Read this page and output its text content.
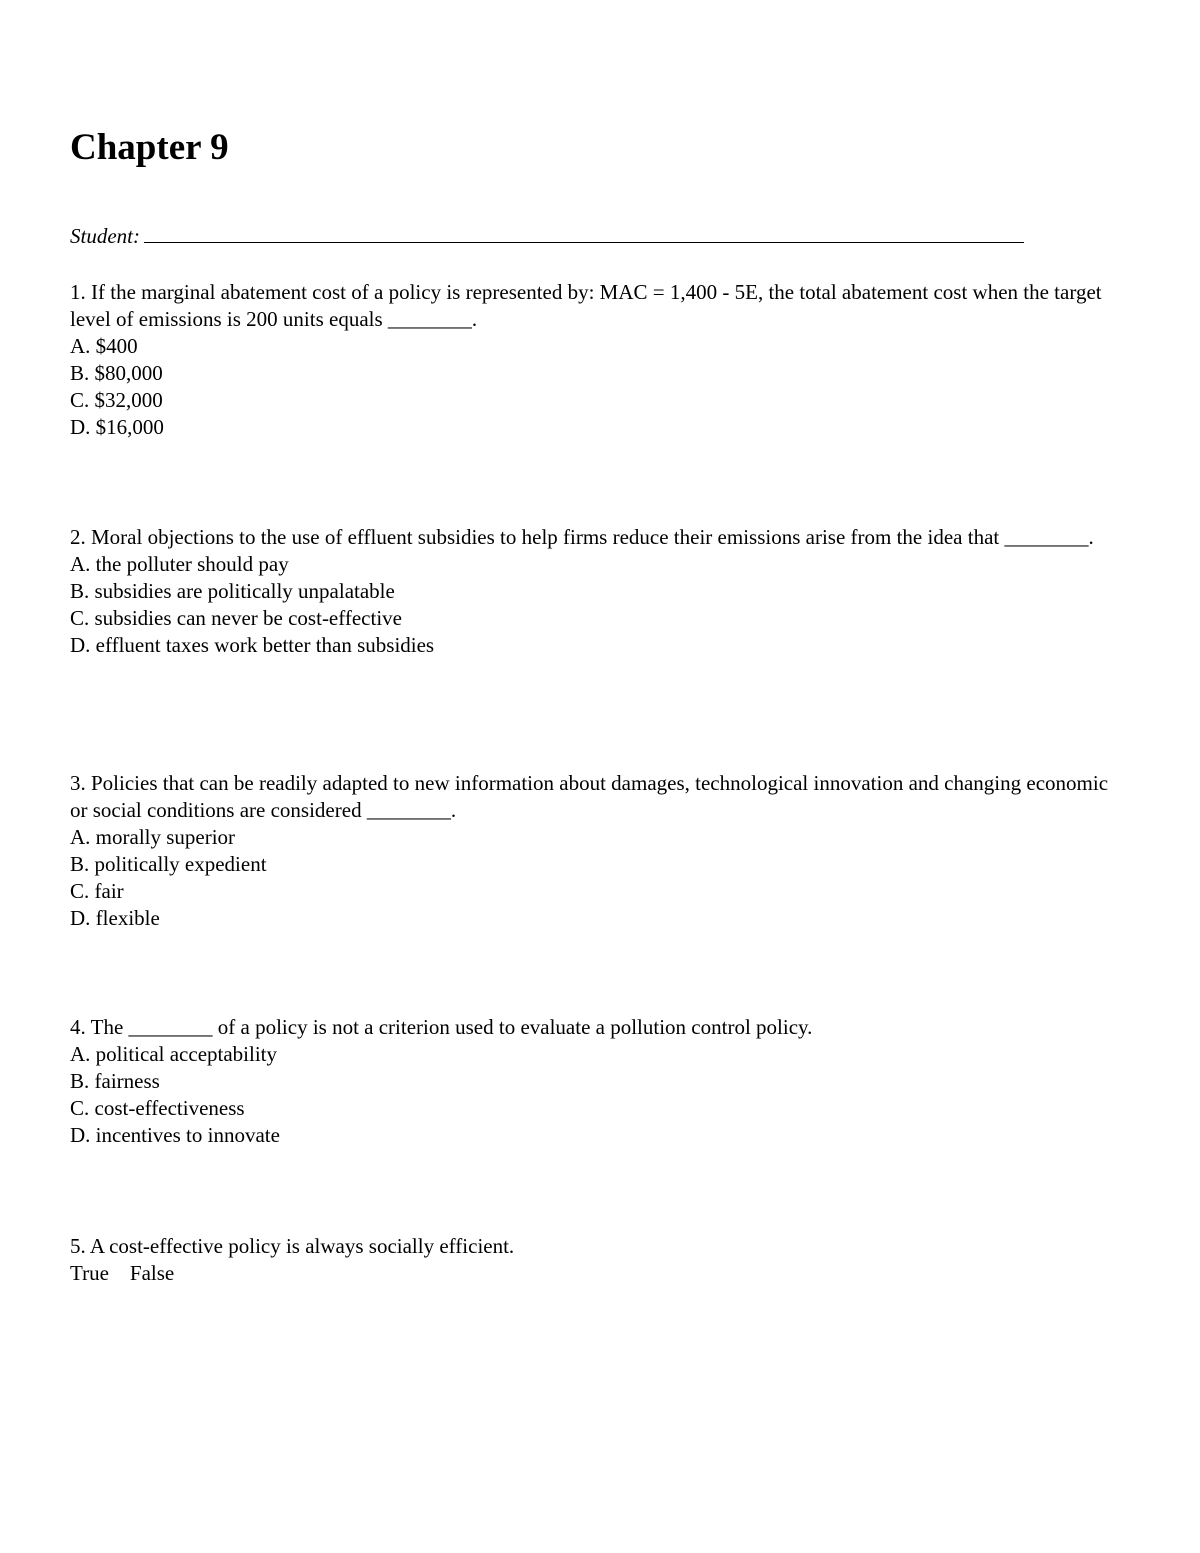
Chapter 9
Student:

1. If the marginal abatement cost of a policy is represented by: MAC = 1,400 - 5E, the total abatement cost when the target level of emissions is 200 units equals ________.

A. $400

B. $80,000

C. $32,000

D. $16,000

2. Moral objections to the use of effluent subsidies to help firms reduce their emissions arise from the idea that ________.

A. the polluter should pay

B. subsidies are politically unpalatable

C. subsidies can never be cost-effective

D. effluent taxes work better than subsidies

3. Policies that can be readily adapted to new information about damages, technological innovation and changing economic or social conditions are considered ________.

A. morally superior

B. politically expedient

C. fair

D. flexible

4. The ________ of a policy is not a criterion used to evaluate a pollution control policy.

A. political acceptability

B. fairness

C. cost-effectiveness

D. incentives to innovate

5. A cost-effective policy is always socially efficient.

True False
